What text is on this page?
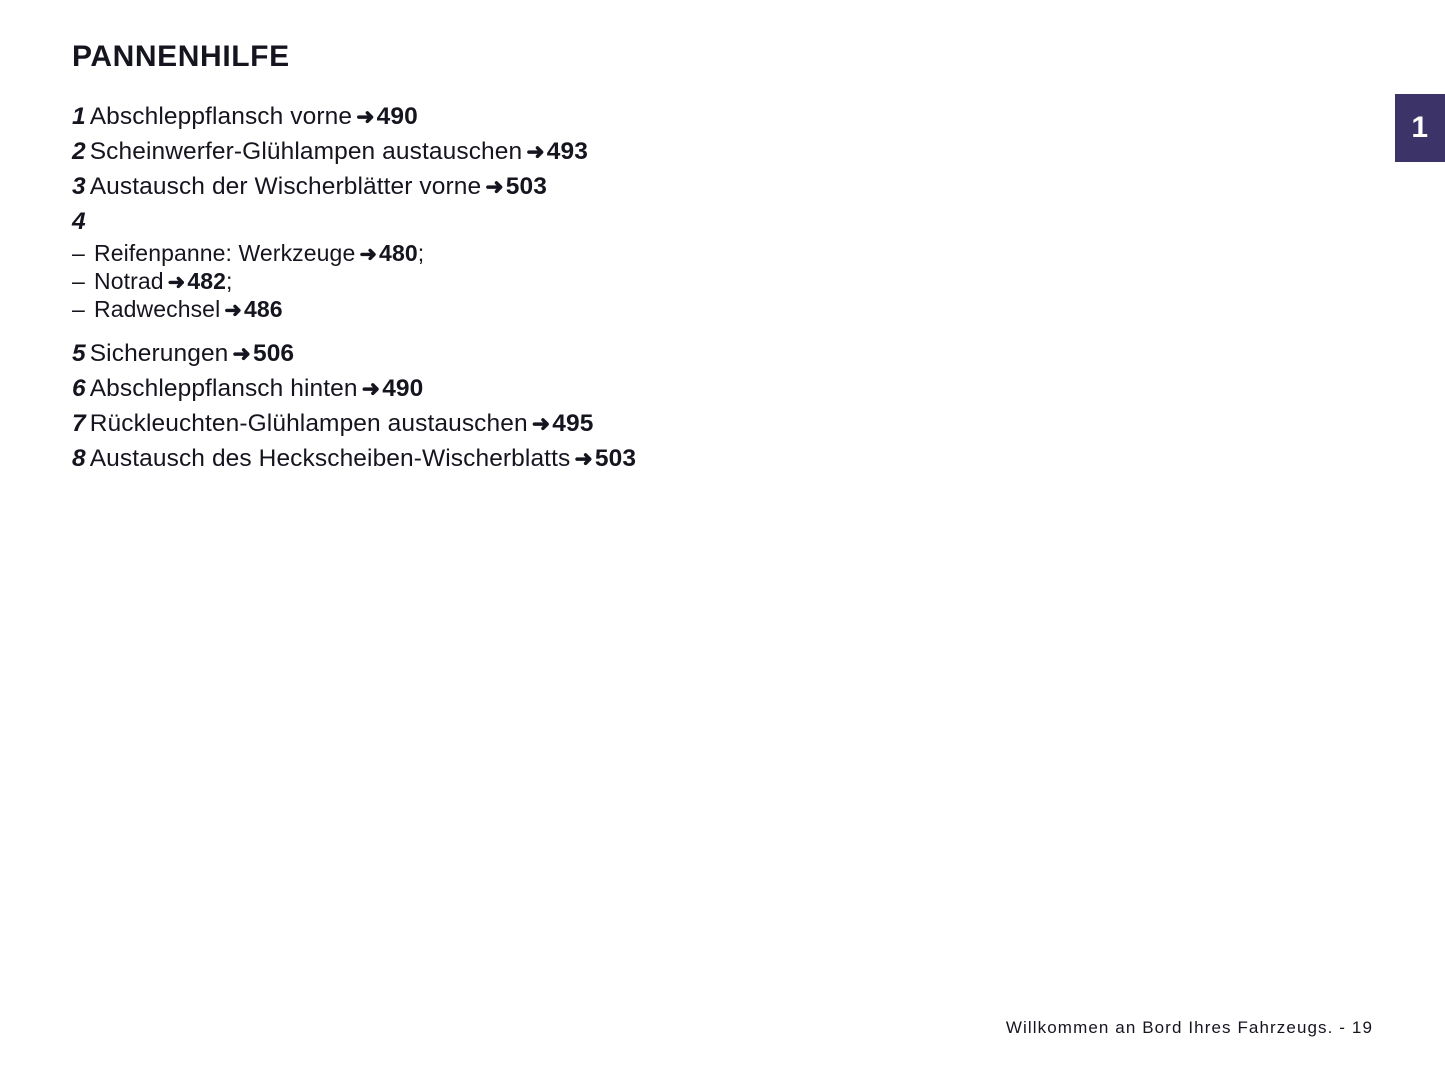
1
PANNENHILFE
1 Abschleppflansch vorne ➜490
2 Scheinwerfer-Glühlampen austauschen ➜493
3 Austausch der Wischerblätter vorne ➜503
4
– Reifenpanne: Werkzeuge ➜480;
– Notrad ➜482;
– Radwechsel ➜486
5 Sicherungen ➜506
6 Abschleppflansch hinten ➜490
7 Rückleuchten-Glühlampen austauschen ➜495
8 Austausch des Heckscheiben-Wischerblatts ➜503
Willkommen an Bord Ihres Fahrzeugs. - 19
